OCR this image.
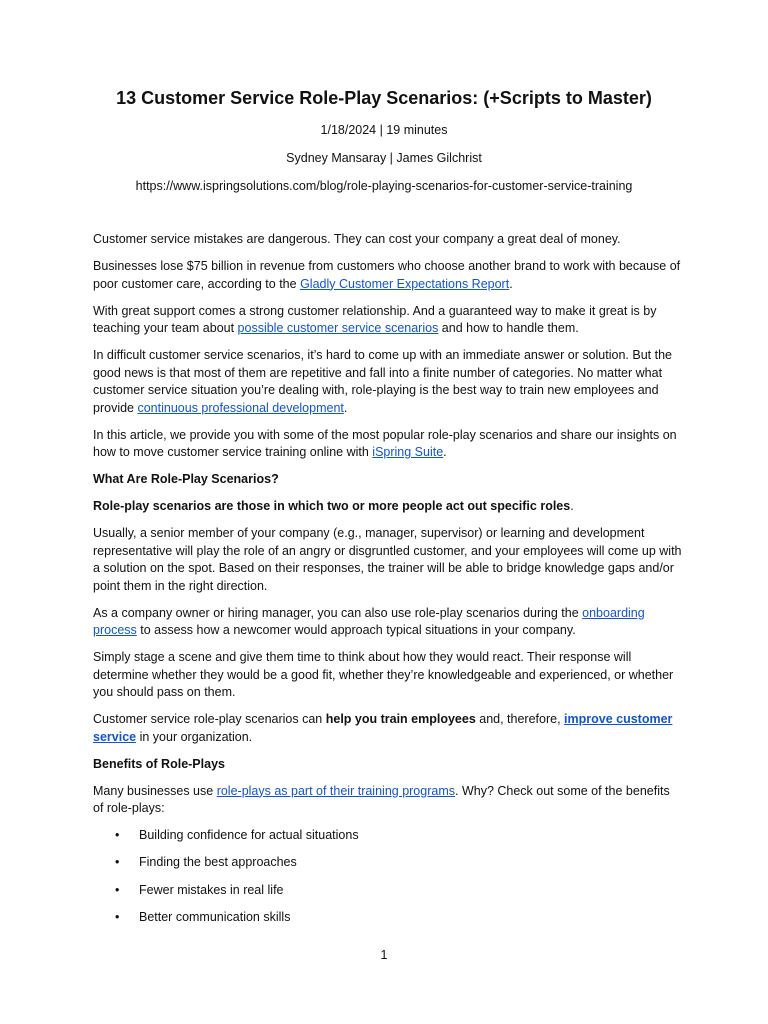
13 Customer Service Role-Play Scenarios: (+Scripts to Master)

1/18/2024 | 19 minutes

Sydney Mansaray | James Gilchrist

https://www.ispringsolutions.com/blog/role-playing-scenarios-for-customer-service-training

Customer service mistakes are dangerous. They can cost your company a great deal of money.

Businesses lose $75 billion in revenue from customers who choose another brand to work with because of poor customer care, according to the Gladly Customer Expectations Report.

With great support comes a strong customer relationship. And a guaranteed way to make it great is by teaching your team about possible customer service scenarios and how to handle them.

In difficult customer service scenarios, it’s hard to come up with an immediate answer or solution. But the good news is that most of them are repetitive and fall into a finite number of categories. No matter what customer service situation you’re dealing with, role-playing is the best way to train new employees and provide continuous professional development.

In this article, we provide you with some of the most popular role-play scenarios and share our insights on how to move customer service training online with iSpring Suite.

What Are Role-Play Scenarios?

Role-play scenarios are those in which two or more people act out specific roles.

Usually, a senior member of your company (e.g., manager, supervisor) or learning and development representative will play the role of an angry or disgruntled customer, and your employees will come up with a solution on the spot. Based on their responses, the trainer will be able to bridge knowledge gaps and/or point them in the right direction.

As a company owner or hiring manager, you can also use role-play scenarios during the onboarding process to assess how a newcomer would approach typical situations in your company.

Simply stage a scene and give them time to think about how they would react. Their response will determine whether they would be a good fit, whether they’re knowledgeable and experienced, or whether you should pass on them.

Customer service role-play scenarios can help you train employees and, therefore, improve customer service in your organization.

Benefits of Role-Plays

Many businesses use role-plays as part of their training programs. Why? Check out some of the benefits of role-plays:

• Building confidence for actual situations
• Finding the best approaches
• Fewer mistakes in real life
• Better communication skills
1
